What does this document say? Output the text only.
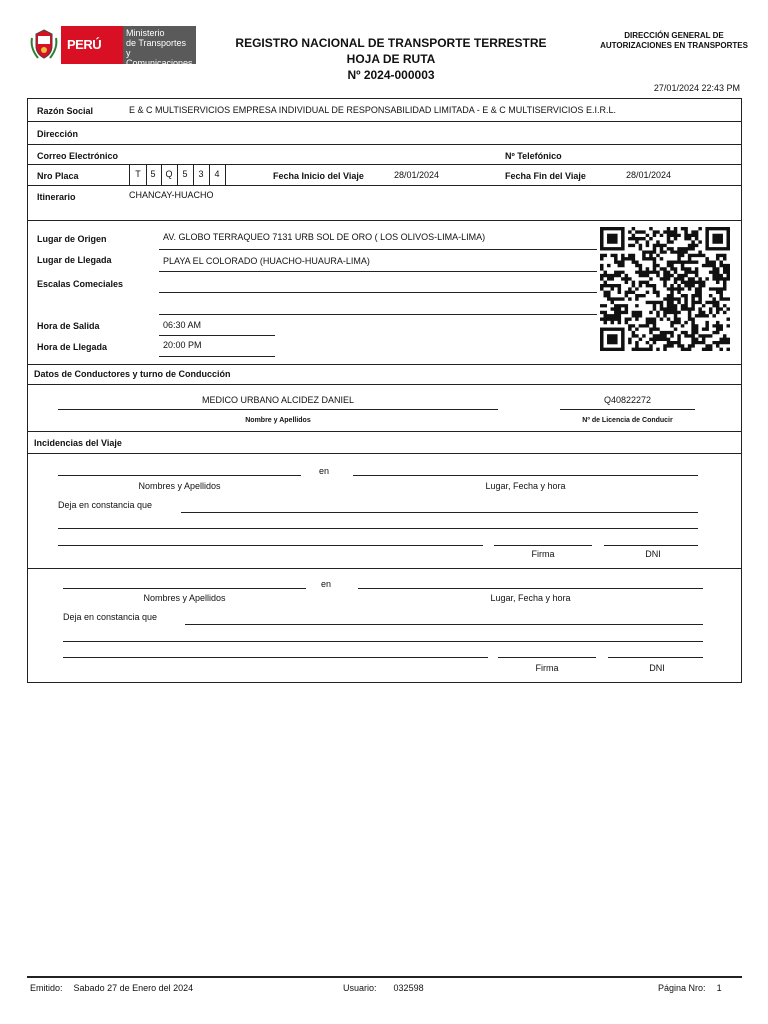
PERÚ
Ministerio
de Transportes
y Comunicaciones
REGISTRO NACIONAL DE TRANSPORTE TERRESTRE
HOJA DE RUTA
Nº 2024-000003
DIRECCIÓN GENERAL DE
AUTORIZACIONES EN TRANSPORTES
27/01/2024 22:43 PM
Razón Social	E & C MULTISERVICIOS EMPRESA INDIVIDUAL DE RESPONSABILIDAD LIMITADA - E & C MULTISERVICIOS E.I.R.L.
Dirección
Correo Electrónico	Nº Telefónico
Nro Placa	T	5	Q	5	3	4	Fecha Inicio del Viaje	28/01/2024	Fecha Fin del Viaje	28/01/2024
Itinerario	CHANCAY-HUACHO
Lugar de Origen	AV. GLOBO TERRAQUEO 7131 URB SOL DE ORO ( LOS OLIVOS-LIMA-LIMA)
Lugar de Llegada	PLAYA EL COLORADO (HUACHO-HUAURA-LIMA)
Escalas Comeciales
Hora de Salida	06:30 AM
Hora de Llegada	20:00 PM
Datos de Conductores y turno de Conducción
MEDICO URBANO ALCIDEZ DANIEL	Q40822272
Nombre y Apellidos	Nº de Licencia de Conducir
Incidencias del Viaje
en
Nombres y Apellidos	Lugar, Fecha y hora
Deja en constancia que
Firma	DNI
en
Nombres y Apellidos	Lugar, Fecha y hora
Deja en constancia que
Firma	DNI
Emitido: Sabado 27 de Enero del 2024	Usuario: 032598	Página Nro: 1
